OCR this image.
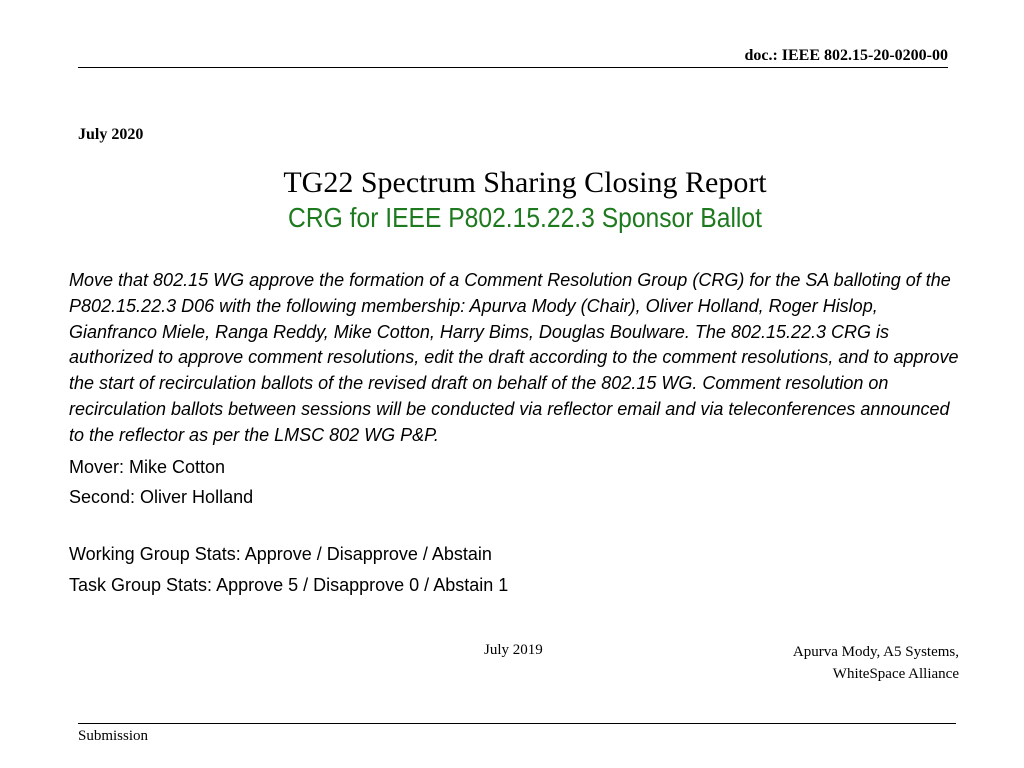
doc.: IEEE 802.15-20-0200-00
July 2020
TG22 Spectrum Sharing Closing Report
CRG for IEEE P802.15.22.3 Sponsor Ballot

Move that 802.15 WG approve the formation of a Comment Resolution Group (CRG) for the SA balloting of the P802.15.22.3 D06 with the following membership: Apurva Mody (Chair), Oliver Holland, Roger Hislop, Gianfranco Miele, Ranga Reddy, Mike Cotton, Harry Bims, Douglas Boulware. The 802.15.22.3 CRG is authorized to approve comment resolutions, edit the draft according to the comment resolutions, and to approve the start of recirculation ballots of the revised draft on behalf of the 802.15 WG. Comment resolution on recirculation ballots between sessions will be conducted via reflector email and via teleconferences announced to the reflector as per the LMSC 802 WG P&P.

Mover: Mike Cotton

Second: Oliver Holland

Working Group Stats: Approve / Disapprove / Abstain

Task Group Stats: Approve 5 / Disapprove 0 / Abstain 1

July 2019	Apurva Mody, A5 Systems,
WhiteSpace Alliance
Submission
